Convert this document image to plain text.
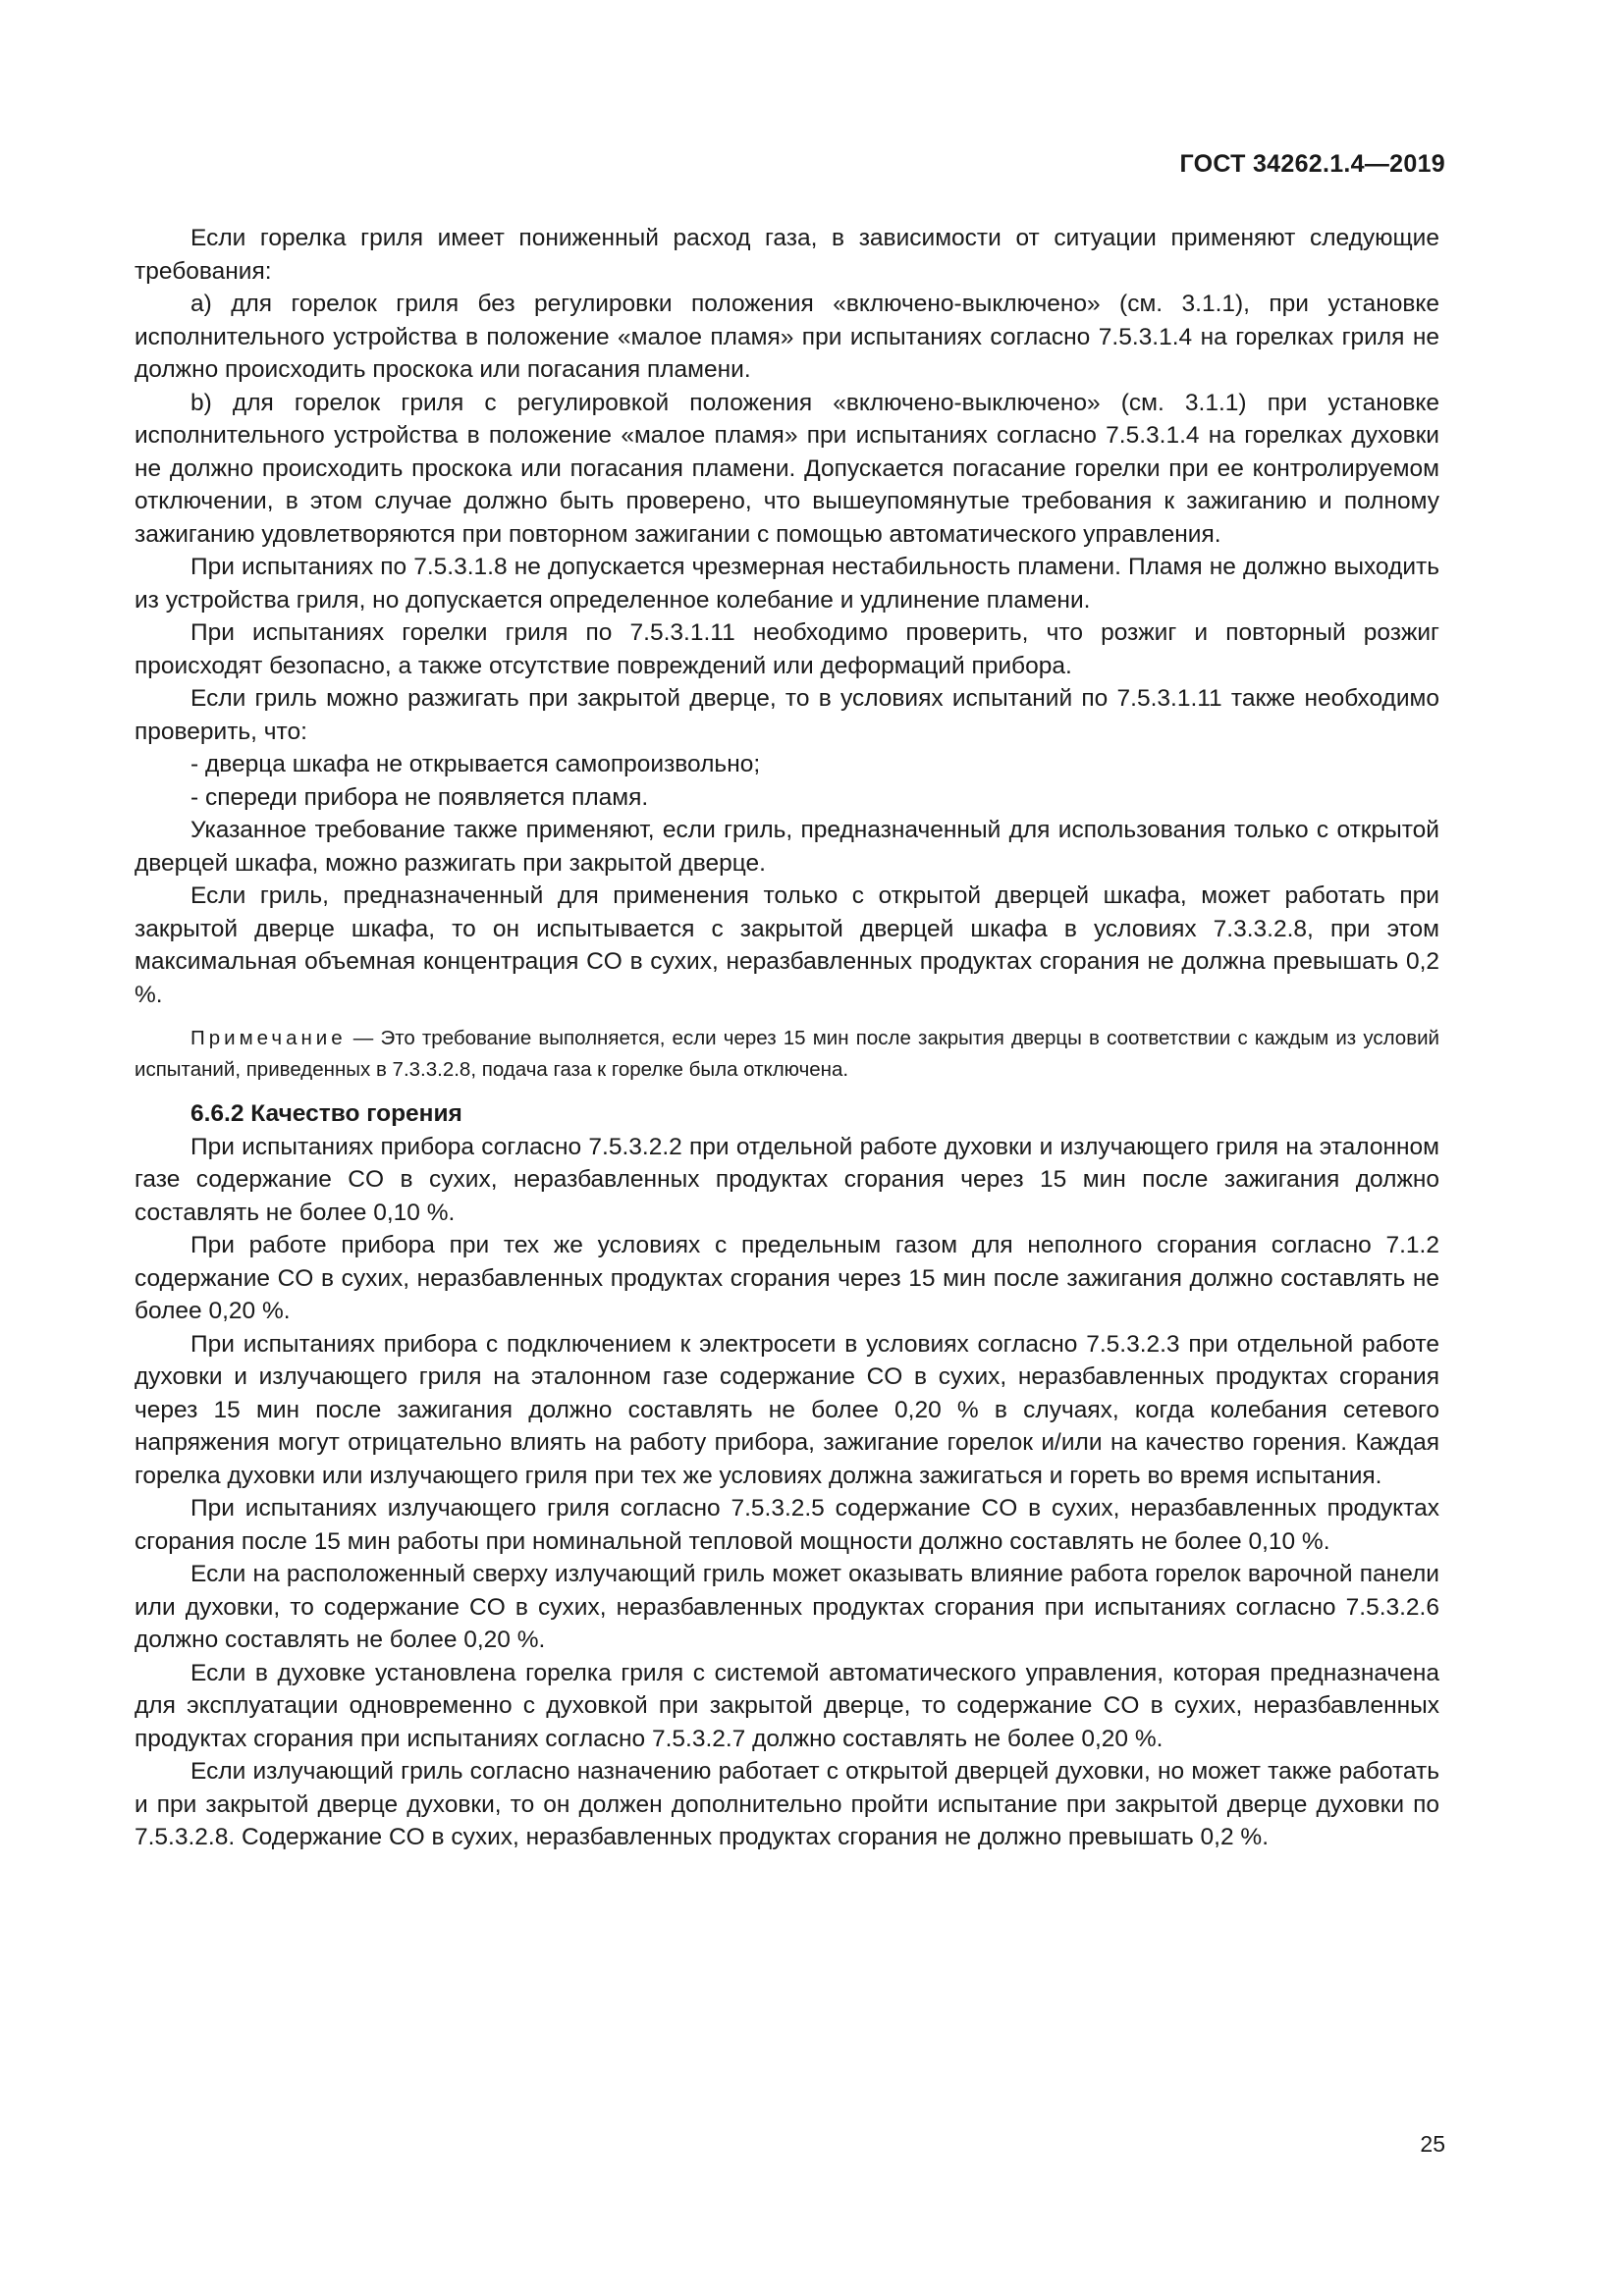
ГОСТ 34262.1.4—2019

Если горелка гриля имеет пониженный расход газа, в зависимости от ситуации применяют следующие требования:

a) для горелок гриля без регулировки положения «включено-выключено» (см. 3.1.1), при установке исполнительного устройства в положение «малое пламя» при испытаниях согласно 7.5.3.1.4 на горелках гриля не должно происходить проскока или погасания пламени.

b) для горелок гриля с регулировкой положения «включено-выключено» (см. 3.1.1) при установке исполнительного устройства в положение «малое пламя» при испытаниях согласно 7.5.3.1.4 на горелках духовки не должно происходить проскока или погасания пламени. Допускается погасание горелки при ее контролируемом отключении, в этом случае должно быть проверено, что вышеупомянутые требования к зажиганию и полному зажиганию удовлетворяются при повторном зажигании с помощью автоматического управления.

При испытаниях по 7.5.3.1.8 не допускается чрезмерная нестабильность пламени. Пламя не должно выходить из устройства гриля, но допускается определенное колебание и удлинение пламени.

При испытаниях горелки гриля по 7.5.3.1.11 необходимо проверить, что розжиг и повторный розжиг происходят безопасно, а также отсутствие повреждений или деформаций прибора.

Если гриль можно разжигать при закрытой дверце, то в условиях испытаний по 7.5.3.1.11 также необходимо проверить, что:

- дверца шкафа не открывается самопроизвольно;

- спереди прибора не появляется пламя.

Указанное требование также применяют, если гриль, предназначенный для использования только с открытой дверцей шкафа, можно разжигать при закрытой дверце.

Если гриль, предназначенный для применения только с открытой дверцей шкафа, может работать при закрытой дверце шкафа, то он испытывается с закрытой дверцей шкафа в условиях 7.3.3.2.8, при этом максимальная объемная концентрация CO в сухих, неразбавленных продуктах сгорания не должна превышать 0,2 %.

Примечание — Это требование выполняется, если через 15 мин после закрытия дверцы в соответствии с каждым из условий испытаний, приведенных в 7.3.3.2.8, подача газа к горелке была отключена.

6.6.2 Качество горения

При испытаниях прибора согласно 7.5.3.2.2 при отдельной работе духовки и излучающего гриля на эталонном газе содержание CO в сухих, неразбавленных продуктах сгорания через 15 мин после зажигания должно составлять не более 0,10 %.

При работе прибора при тех же условиях с предельным газом для неполного сгорания согласно 7.1.2 содержание CO в сухих, неразбавленных продуктах сгорания через 15 мин после зажигания должно составлять не более 0,20 %.

При испытаниях прибора с подключением к электросети в условиях согласно 7.5.3.2.3 при отдельной работе духовки и излучающего гриля на эталонном газе содержание CO в сухих, неразбавленных продуктах сгорания через 15 мин после зажигания должно составлять не более 0,20 % в случаях, когда колебания сетевого напряжения могут отрицательно влиять на работу прибора, зажигание горелок и/или на качество горения. Каждая горелка духовки или излучающего гриля при тех же условиях должна зажигаться и гореть во время испытания.

При испытаниях излучающего гриля согласно 7.5.3.2.5 содержание CO в сухих, неразбавленных продуктах сгорания после 15 мин работы при номинальной тепловой мощности должно составлять не более 0,10 %.

Если на расположенный сверху излучающий гриль может оказывать влияние работа горелок варочной панели или духовки, то содержание CO в сухих, неразбавленных продуктах сгорания при испытаниях согласно 7.5.3.2.6 должно составлять не более 0,20 %.

Если в духовке установлена горелка гриля с системой автоматического управления, которая предназначена для эксплуатации одновременно с духовкой при закрытой дверце, то содержание CO в сухих, неразбавленных продуктах сгорания при испытаниях согласно 7.5.3.2.7 должно составлять не более 0,20 %.

Если излучающий гриль согласно назначению работает с открытой дверцей духовки, но может также работать и при закрытой дверце духовки, то он должен дополнительно пройти испытание при закрытой дверце духовки по 7.5.3.2.8. Содержание CO в сухих, неразбавленных продуктах сгорания не должно превышать 0,2 %.

25
